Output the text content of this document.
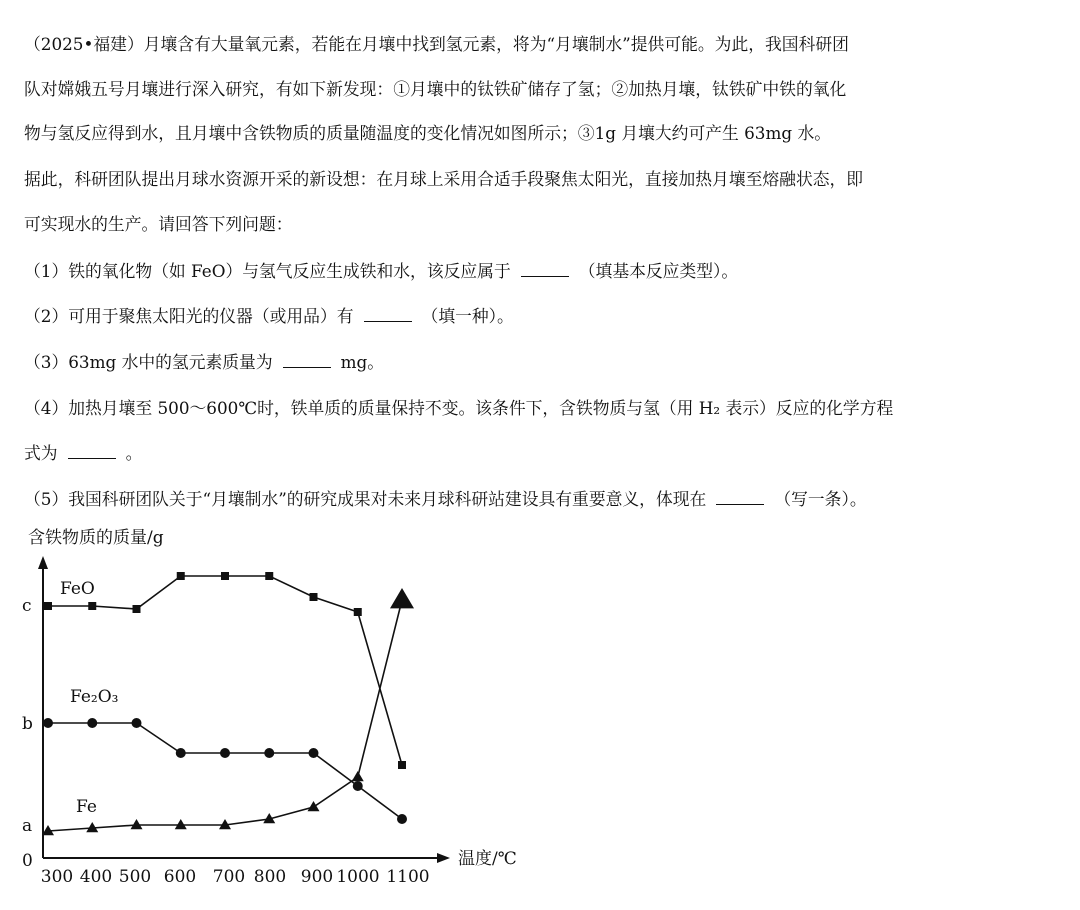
（2025•福建）月壤含有大量氧元素，若能在月壤中找到氢元素，将为“月壤制水”提供可能。为此，我国科研团
队对嫦娥五号月壤进行深入研究，有如下新发现：①月壤中的钛铁矿储存了氢；②加热月壤，钛铁矿中铁的氧化
物与氢反应得到水，且月壤中含铁物质的质量随温度的变化情况如图所示；③1g 月壤大约可产生 63mg 水。
据此，科研团队提出月球水资源开采的新设想：在月球上采用合适手段聚焦太阳光，直接加热月壤至熔融状态，即
可实现水的生产。请回答下列问题：
（1）铁的氧化物（如 FeO）与氢气反应生成铁和水，该反应属于	（填基本反应类型）。
（2）可用于聚焦太阳光的仪器（或用品）有	（填一种）。
（3）63mg 水中的氢元素质量为	mg。
（4）加热月壤至 500～600℃时，铁单质的质量保持不变。该条件下，含铁物质与氢（用 H₂ 表示）反应的化学方程
式为	。
（5）我国科研团队关于“月壤制水”的研究成果对未来月球科研站建设具有重要意义，体现在	（写一条）。
含铁物质的质量/g
温度/℃
0
c
b
a
300 400 500 600 700 800 900 1000 1100
FeO
Fe₂O₃
Fe
